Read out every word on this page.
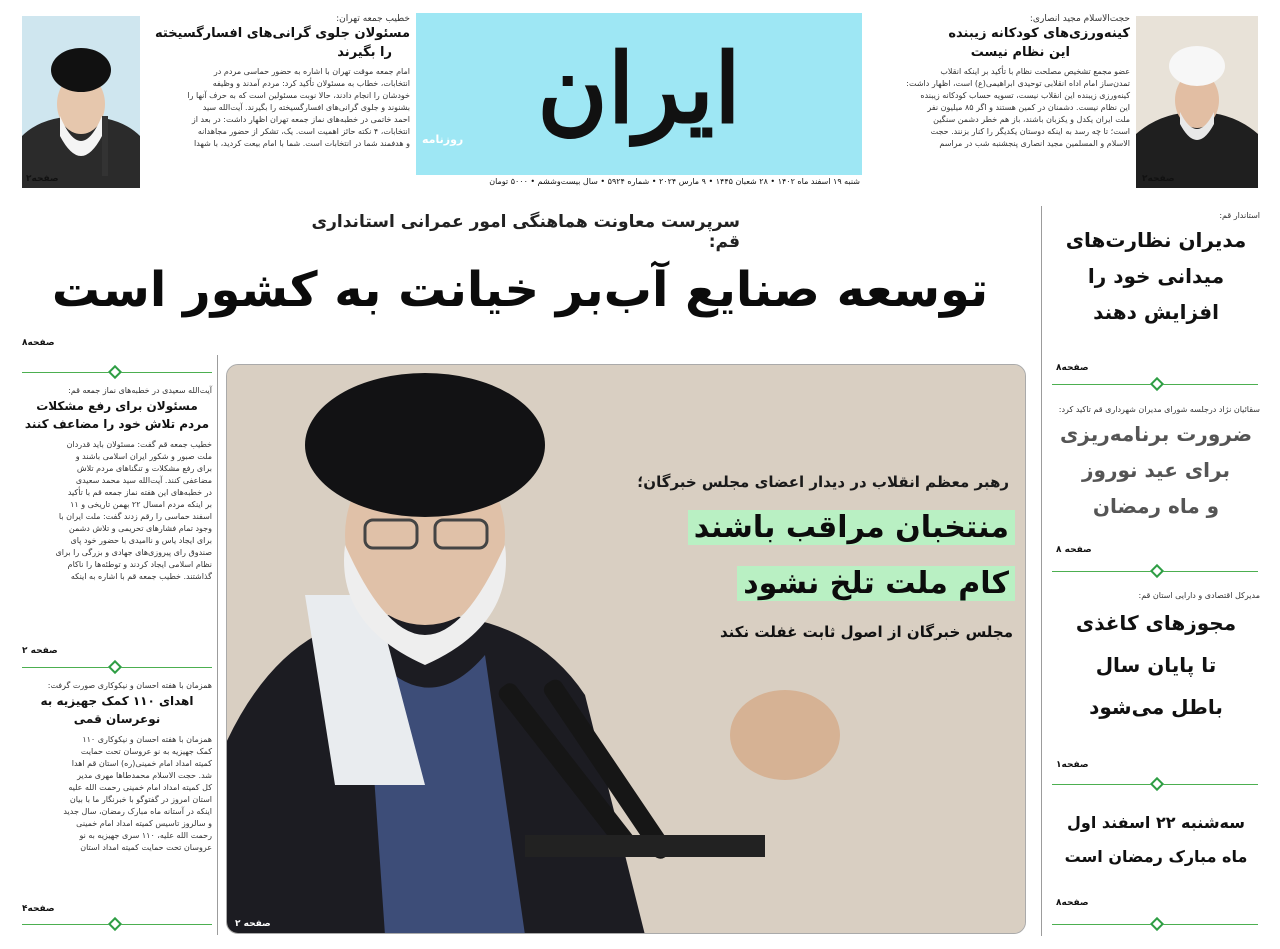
صفحه۲
خطیب جمعه تهران:
مسئولان جلوی گرانی‌های افسارگسیخته
را بگیرند
امام جمعه موقت تهران با اشاره به حضور حماسی مردم در
انتخابات، خطاب به مسئولان تأکید کرد: مردم آمدند و وظیفه
خودشان را انجام دادند، حالا نوبت مسئولین است که به حرف آنها را
بشنوند و جلوی گرانی‌های افسارگسیخته را بگیرند. آیت‌الله سید
احمد خاتمی در خطبه‌های نماز جمعه تهران اظهار داشت: در بعد از
انتخابات، ۴ نکته حائز اهمیت است. یک، تشکر از حضور مجاهدانه
و هدفمند شما در انتخابات است. شما با امام بیعت کردید، با شهدا	ایران
روزنامه
شنبه ۱۹ اسفند ماه ۱۴۰۲ • ۲۸ شعبان ۱۴۴۵ • ۹ مارس ۲۰۲۴ • شماره ۵۹۲۴ • سال بیست‌وششم • ۵۰۰۰ تومان
حجت‌الاسلام مجید انصاری:
کینه‌ورزی‌های کودکانه زیبنده
این نظام نیست
عضو مجمع تشخیص مصلحت نظام با تأکید بر اینکه انقلاب
تمدن‌ساز امام اداه انقلابی توحیدی ابراهیمی(ع) است، اظهار داشت:
کینه‌ورزی زیبنده این انقلاب نیست، تسویه حساب کودکانه زیبنده
این نظام نیست. دشمنان در کمین هستند و اگر ۸۵ میلیون نفر
ملت ایران یکدل و یکزبان باشند، باز هم خطر دشمن سنگین
است؛ تا چه رسد به اینکه دوستان یکدیگر را کنار بزنند. حجت
الاسلام و المسلمین مجید انصاری پنجشنبه شب در مراسم
صفحه۲
سرپرست معاونت هماهنگی امور عمرانی استانداری قم:
توسعه صنایع آب‌بر خیانت به کشور است
صفحه۸
رهبر معظم انقلاب در دیدار اعضای مجلس خبرگان؛
منتخبان مراقب باشند
کام ملت تلخ نشود
مجلس خبرگان از اصول ثابت غفلت نکند
صفحه ۲
آیت‌الله سعیدی در خطبه‌های نماز جمعه قم:
مسئولان برای رفع مشکلات
مردم تلاش خود را مضاعف کنند
خطیب جمعه قم گفت: مسئولان باید قدردان
ملت صبور و شکور ایران اسلامی باشند و
برای رفع مشکلات و تنگناهای مردم تلاش
مضاعفی کنند. آیت‌الله سید محمد سعیدی
در خطبه‌های این هفته نماز جمعه قم با تأکید
بر اینکه مردم امسال ۲۲ بهمن تاریخی و ۱۱
اسفند حماسی را رقم زدند گفت: ملت ایران با
وجود تمام فشارهای تحریمی و تلاش دشمن
برای ایجاد یاس و ناامیدی با حضور خود پای
صندوق رای پیروزی‌های جهادی و بزرگی را برای
نظام اسلامی ایجاد کردند و توطئه‌ها را ناکام
گذاشتند. خطیب جمعه قم با اشاره به اینکه
صفحه ۲
همزمان با هفته احسان و نیکوکاری صورت گرفت:
اهدای ۱۱۰ کمک جهیزیه به
نوعرسان قمی
همزمان با هفته احسان و نیکوکاری ۱۱۰
کمک جهیزیه به نو عروسان تحت حمایت
کمیته امداد امام خمینی(ره) استان قم اهدا
شد. حجت الاسلام محمدطاها مهری مدیر
کل کمیته امداد امام خمینی رحمت الله علیه
استان امروز در گفتوگو با خبرنگار ما با بیان
اینکه در آستانه ماه مبارک رمضان، سال جدید
و سالروز تاسیس کمیته امداد امام خمینی
رحمت الله علیه، ۱۱۰ سری جهیزیه به نو
عروسان تحت حمایت کمیته امداد استان
صفحه۴
استاندار قم:
مدیران نظارت‌های
میدانی خود را
افزایش دهند
صفحه۸
سقائیان نژاد درجلسه شورای مدیران شهرداری قم تاکید کرد:
ضرورت برنامه‌ریزی
برای عید نوروز
و ماه رمضان
صفحه ۸
مدیرکل اقتصادی و دارایی استان قم:
مجوزهای کاغذی
تا پایان سال
باطل می‌شود
صفحه۱
سه‌شنبه ۲۲ اسفند اول
ماه مبارک رمضان است
صفحه۸
